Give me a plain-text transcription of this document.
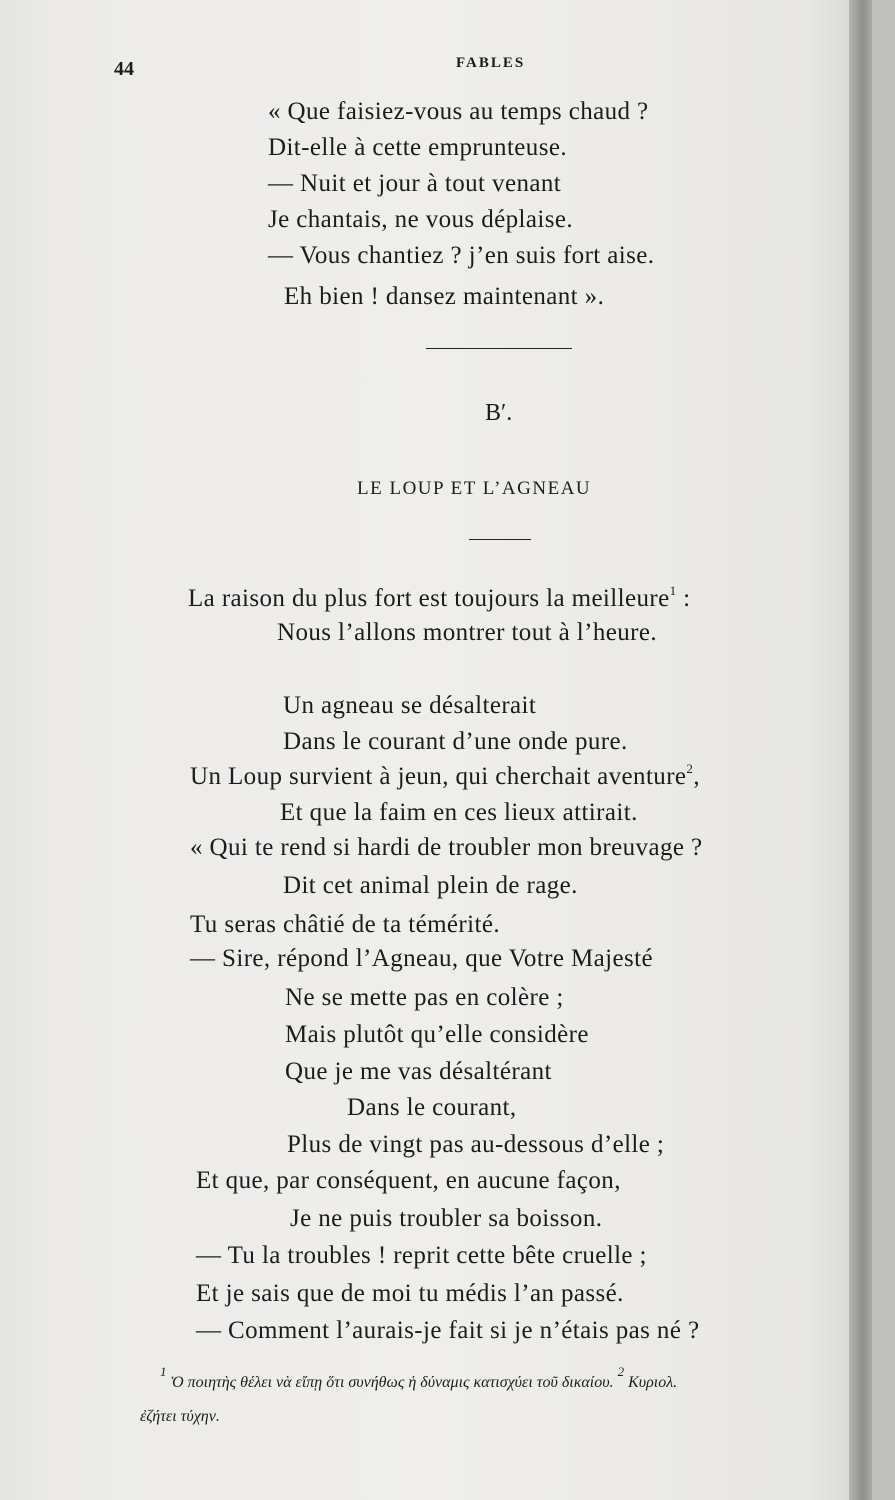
44	FABLES
« Que faisiez-vous au temps chaud ?
Dit-elle à cette emprunteuse.
— Nuit et jour à tout venant
Je chantais, ne vous déplaise.
— Vous chantiez ? j’en suis fort aise.
Eh bien ! dansez maintenant ».
B′.
LE LOUP ET L’AGNEAU
La raison du plus fort est toujours la meilleure$^1$ :
Nous l’allons montrer tout à l’heure.
Un agneau se désalterait
Dans le courant d’une onde pure.
Un Loup survient à jeun, qui cherchait aventure$^2$,
Et que la faim en ces lieux attirait.
« Qui te rend si hardi de troubler mon breuvage ?
Dit cet animal plein de rage.
Tu seras châtié de ta témérité.
— Sire, répond l’Agneau, que Votre Majesté
Ne se mette pas en colère ;
Mais plutôt qu’elle considère
Que je me vas désaltérant
Dans le courant,
Plus de vingt pas au-dessous d’elle ;
Et que, par conséquent, en aucune façon,
Je ne puis troubler sa boisson.
— Tu la troubles ! reprit cette bête cruelle ;
Et je sais que de moi tu médis l’an passé.
— Comment l’aurais-je fait si je n’étais pas né ?
$^1$ Ὁ ποιητὴς θέλει νὰ εἴπῃ ὅτι συνήθως ἡ δύναμις κατισχύει τοῦ δικαίου. $^2$ Κυριολ.
ἐζήτει τύχην.
